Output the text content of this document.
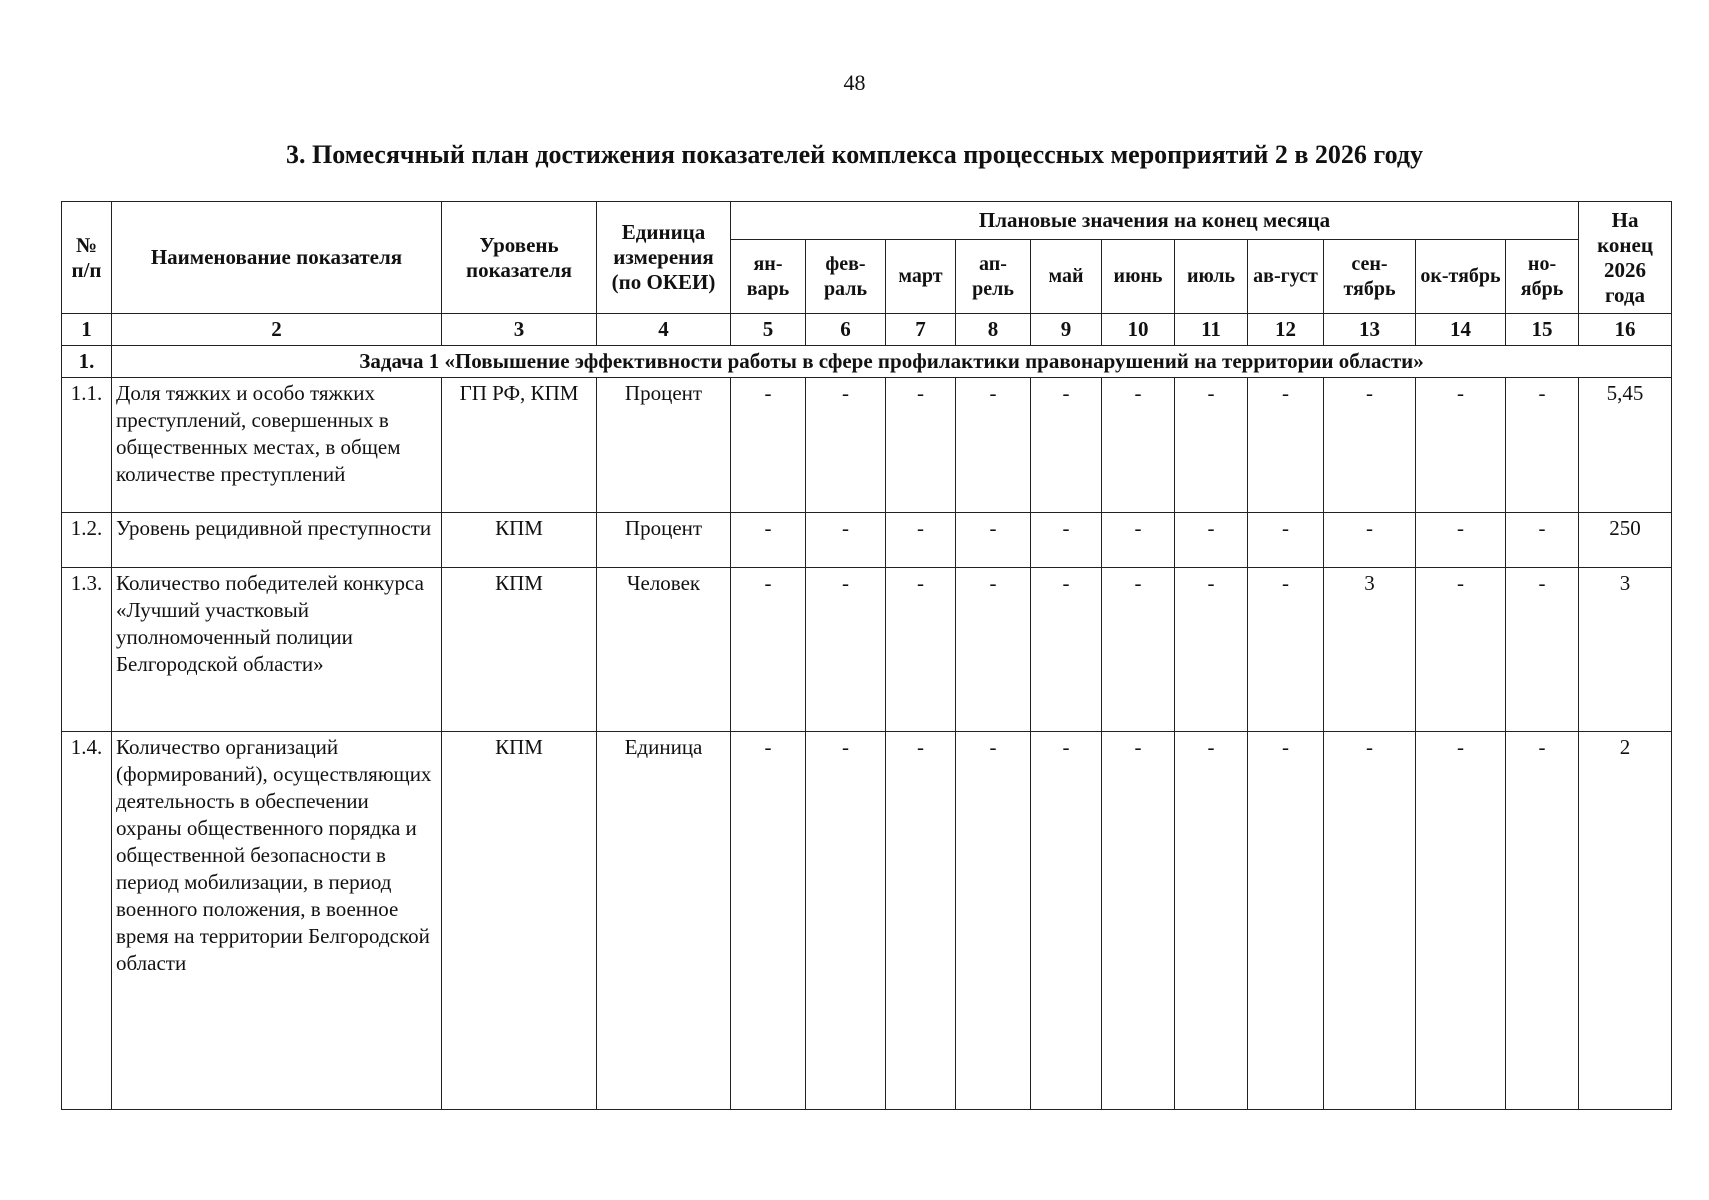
48
3. Помесячный план достижения показателей комплекса процессных мероприятий 2 в 2026 году
№ п/п	Наименование показателя	Уровень показателя	Единица измерения (по ОКЕИ)	Плановые значения на конец месяца											На конец 2026 года
				ян-варь	фев-раль	март	ап-рель	май	июнь	июль	ав-густ	сен-тябрь	ок-тябрь	но-ябрь	
1	2	3	4	5	6	7	8	9	10	11	12	13	14	15	16
1.	Задача 1 «Повышение эффективности работы в сфере профилактики правонарушений на территории области»														
1.1.	Доля тяжких и особо тяжких преступлений, совершенных в общественных местах, в общем количестве преступлений	ГП РФ, КПМ	Процент	-	-	-	-	-	-	-	-	-	-	-	5,45
1.2.	Уровень рецидивной преступности	КПМ	Процент	-	-	-	-	-	-	-	-	-	-	-	250
1.3.	Количество победителей конкурса «Лучший участковый уполномоченный полиции Белгородской области»	КПМ	Человек	-	-	-	-	-	-	-	-	3	-	-	3
1.4.	Количество организаций (формирований), осуществляющих деятельность в обеспечении охраны общественного порядка и общественной безопасности в период мобилизации, в период военного положения, в военное время на территории Белгородской области	КПМ	Единица	-	-	-	-	-	-	-	-	-	-	-	2
